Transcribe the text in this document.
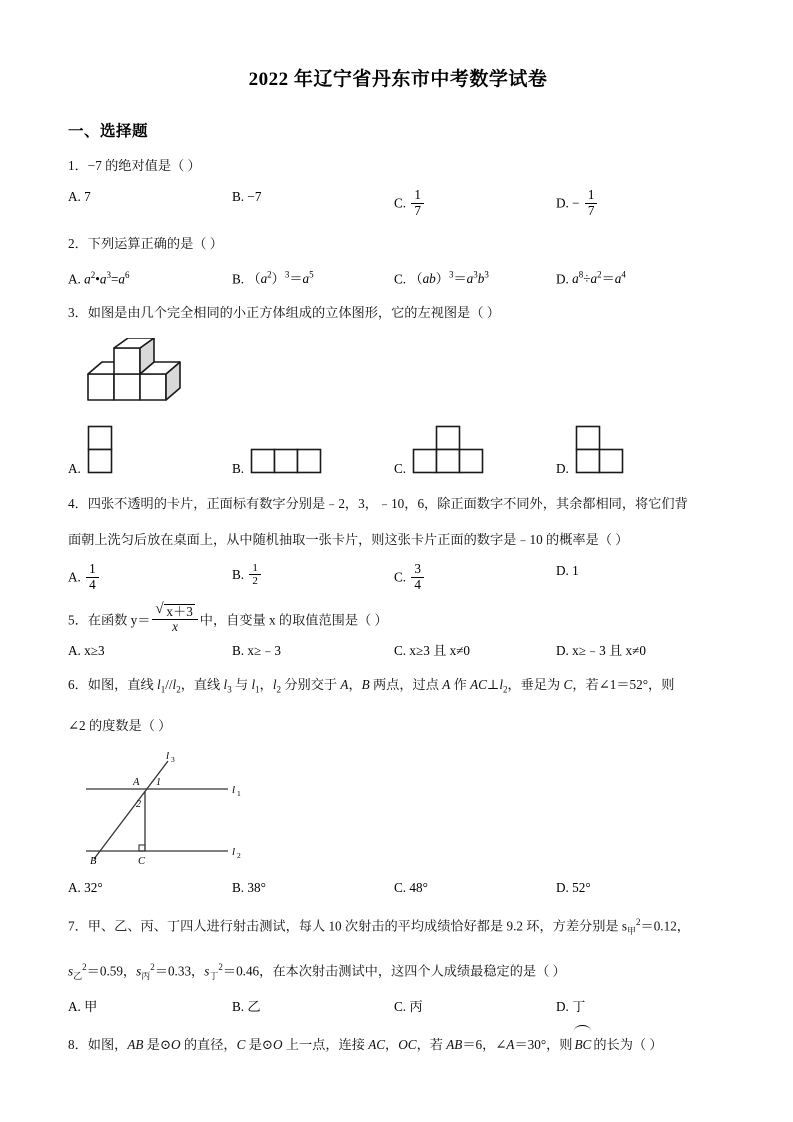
2022 年辽宁省丹东市中考数学试卷
一、选择题
1．−7 的绝对值是（ ）
A. 7	B. −7	C. $\frac{1}{7}$	D. − $\frac{1}{7}$
2．下列运算正确的是（ ）
A. $a^2•a^3=a^6$	B. $(a^2)^3=a^5$	C. $(ab)^3=a^3b^3$	D. $a^8\div a^2=a^4$
3．如图是由几个完全相同的小正方体组成的立体图形，它的左视图是（ ）
A.	B.	C.	D.
4．四张不透明的卡片，正面标有数字分别是﹣2，3，﹣10，6，除正面数字不同外，其余都相同，将它们背
面朝上洗匀后放在桌面上，从中随机抽取一张卡片，则这张卡片正面的数字是﹣10 的概率是（ ）
A. $\frac{1}{4}$	B. $\frac{1}{2}$	C. $\frac{3}{4}$	D. 1
5．在函数 $y= \frac{√ x+3}{x}$ 中，自变量 x 的取值范围是（ ）
A. x≥3	B. x≥﹣3	C. x≥3 且 x≠0	D. x≥﹣3 且 x≠0
6．如图，直线 $l_1//l_2$，直线 $l_3$ 与 $l_1$，$l_2$ 分别交于 A，B 两点，过点 A 作 $AC\perp l_2$，垂足为 C，若∠1＝52°，则
∠2 的度数是（ ）
l 3
l 1
l 2
A 1
2
B	C
A. 32°	B. 38°	C. 48°	D. 52°
7．甲、乙、丙、丁四人进行射击测试，每人 10 次射击的平均成绩恰好都是 9.2 环，方差分别是 $s_甲^2=0.12$，
$s_乙^2=0.59$，$s_丙^2=0.33$，$s_丁^2=0.46$，在本次射击测试中，这四个人成绩最稳定的是（ ）
A. 甲	B. 乙	C. 丙	D. 丁
8．如图，AB 是⊙O 的直径，C 是⊙O 上一点，连接 AC，OC，若 AB＝6，∠A＝30°，则 BC 的长为（ ）
